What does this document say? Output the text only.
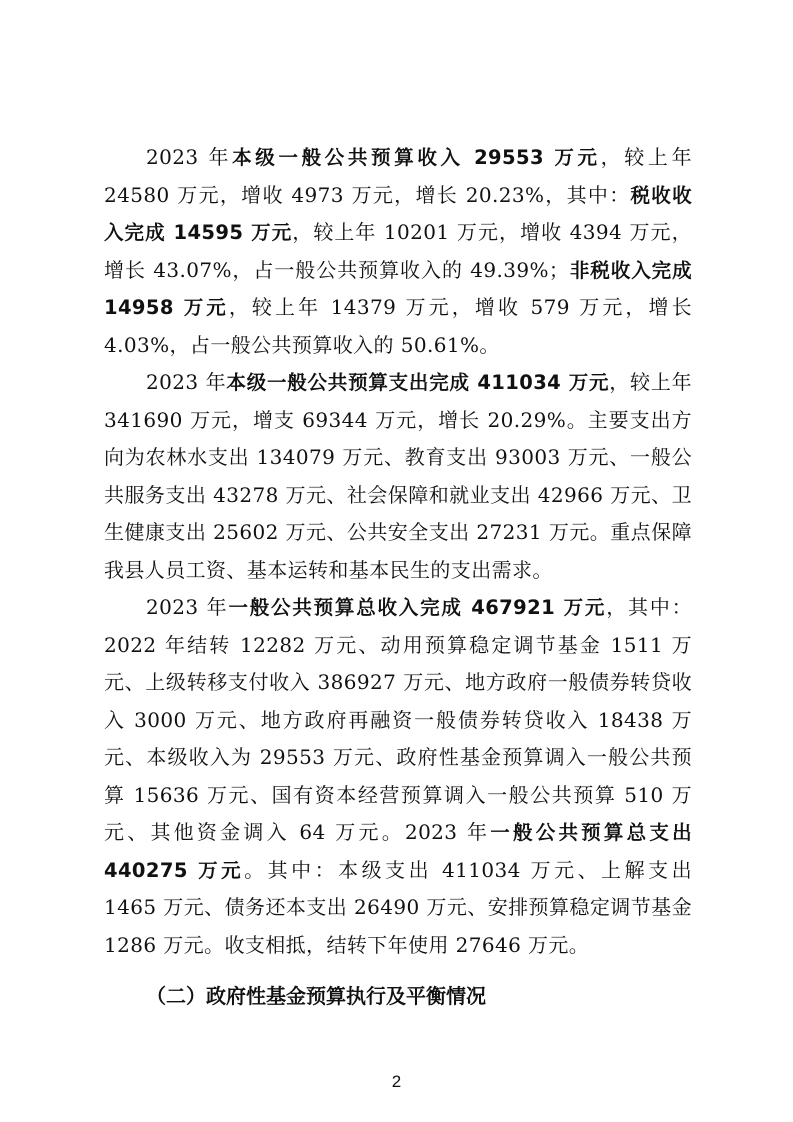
2023 年本级一般公共预算收入 29553 万元，较上年 24580 万元，增收 4973 万元，增长 20.23%，其中：税收收入完成 14595 万元，较上年 10201 万元，增收 4394 万元，增长 43.07%，占一般公共预算收入的 49.39%；非税收入完成 14958 万元，较上年 14379 万元，增收 579 万元，增长 4.03%，占一般公共预算收入的 50.61%。

2023 年本级一般公共预算支出完成 411034 万元，较上年 341690 万元，增支 69344 万元，增长 20.29%。主要支出方向为农林水支出 134079 万元、教育支出 93003 万元、一般公共服务支出 43278 万元、社会保障和就业支出 42966 万元、卫生健康支出 25602 万元、公共安全支出 27231 万元。重点保障我县人员工资、基本运转和基本民生的支出需求。

2023 年一般公共预算总收入完成 467921 万元，其中：2022 年结转 12282 万元、动用预算稳定调节基金 1511 万元、上级转移支付收入 386927 万元、地方政府一般债券转贷收入 3000 万元、地方政府再融资一般债券转贷收入 18438 万元、本级收入为 29553 万元、政府性基金预算调入一般公共预算 15636 万元、国有资本经营预算调入一般公共预算 510 万元、其他资金调入 64 万元。2023 年一般公共预算总支出 440275 万元。其中：本级支出 411034 万元、上解支出 1465 万元、债务还本支出 26490 万元、安排预算稳定调节基金 1286 万元。收支相抵，结转下年使用 27646 万元。

（二）政府性基金预算执行及平衡情况
2
